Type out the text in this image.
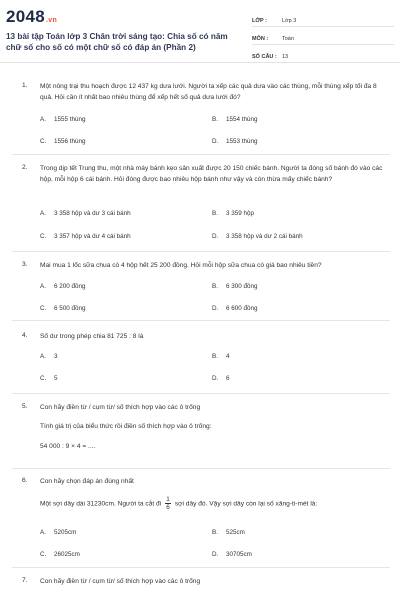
2048.vn
13 bài tập Toán lớp 3 Chân trời sáng tạo: Chia số có năm chữ số cho số có một chữ số có đáp án (Phần 2)
LỚP :	Lớp 3
MÔN :	Toán
SỐ CÂU : 13
1. Một nông trại thu hoạch được 12 437 kg dưa lưới. Người ta xếp các quả dưa vào các thùng, mỗi thùng xếp tối đa 8 quả. Hỏi cần ít nhất bao nhiêu thùng để xếp hết số quả dưa lưới đó?
A. 1555 thùng	B. 1554 thùng
C. 1556 thùng	D. 1553 thùng
2. Trong dịp tết Trung thu, một nhà máy bánh kẹo sản xuất được 20 150 chiếc bánh. Người ta đóng số bánh đó vào các hộp, mỗi hộp 6 cái bánh. Hỏi đóng được bao nhiêu hộp bánh như vậy và còn thừa mấy chiếc bánh?
A. 3 358 hộp và dư 3 cái bánh	B. 3 359 hộp
C. 3 357 hộp và dư 4 cái bánh	D. 3 358 hộp và dư 2 cái bánh
3. Mai mua 1 lốc sữa chua có 4 hộp hết 25 200 đồng. Hỏi mỗi hộp sữa chua có giá bao nhiêu tiền?
A. 6 200 đồng	B. 6 300 đồng
C. 6 500 đồng	D. 6 600 đồng
4. Số dư trong phép chia 81 725 : 8 là
A. 3	B. 4
C. 5	D. 6
5. Con hãy điền từ / cụm từ/ số thích hợp vào các ô trống
Tính giá trị của biểu thức rồi điền số thích hợp vào ô trống:
54 000 : 9 × 4 = ....
6. Con hãy chọn đáp án đúng nhất
Một sợi dây dài 31230cm. Người ta cắt đi $\frac{1}{6}$ sợi dây đó. Vậy sợi dây còn lại số xăng-ti-mét là:
A. 5205cm	B. 525cm
C. 26025cm	D. 30705cm
7. Con hãy điền từ / cụm từ/ số thích hợp vào các ô trống
